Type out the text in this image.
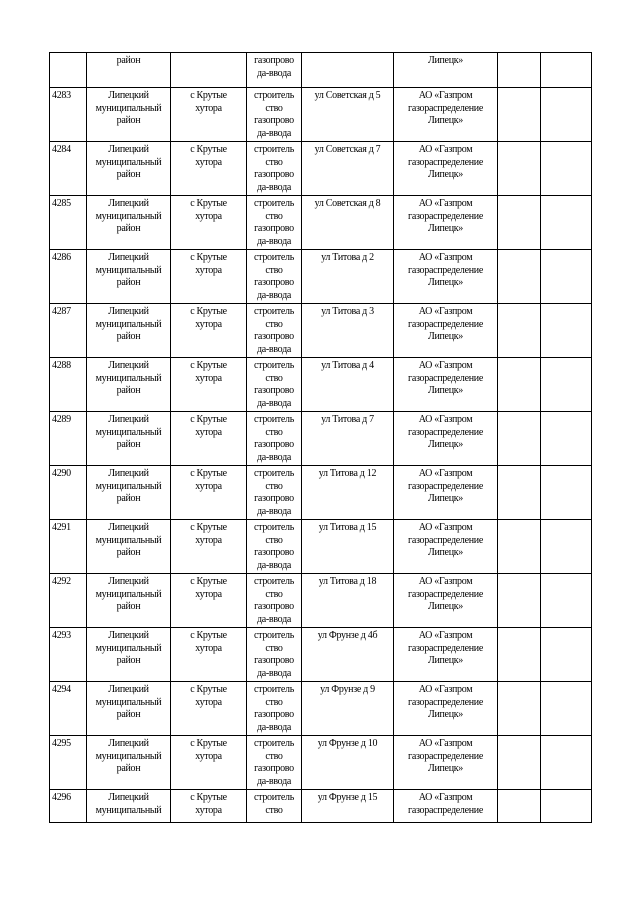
	район		газопрово
да-ввода		Липецк»		
4283	Липецкий
муниципальный
район	с Крутые
хутора	строитель
ство
газопрово
да-ввода	ул Советская д 5	АО «Газпром
газораспределение
Липецк»		
4284	Липецкий
муниципальный
район	с Крутые
хутора	строитель
ство
газопрово
да-ввода	ул Советская д 7	АО «Газпром
газораспределение
Липецк»		
4285	Липецкий
муниципальный
район	с Крутые
хутора	строитель
ство
газопрово
да-ввода	ул Советская д 8	АО «Газпром
газораспределение
Липецк»		
4286	Липецкий
муниципальный
район	с Крутые
хутора	строитель
ство
газопрово
да-ввода	ул Титова д 2	АО «Газпром
газораспределение
Липецк»		
4287	Липецкий
муниципальный
район	с Крутые
хутора	строитель
ство
газопрово
да-ввода	ул Титова д 3	АО «Газпром
газораспределение
Липецк»		
4288	Липецкий
муниципальный
район	с Крутые
хутора	строитель
ство
газопрово
да-ввода	ул Титова д 4	АО «Газпром
газораспределение
Липецк»		
4289	Липецкий
муниципальный
район	с Крутые
хутора	строитель
ство
газопрово
да-ввода	ул Титова д 7	АО «Газпром
газораспределение
Липецк»		
4290	Липецкий
муниципальный
район	с Крутые
хутора	строитель
ство
газопрово
да-ввода	ул Титова д 12	АО «Газпром
газораспределение
Липецк»		
4291	Липецкий
муниципальный
район	с Крутые
хутора	строитель
ство
газопрово
да-ввода	ул Титова д 15	АО «Газпром
газораспределение
Липецк»		
4292	Липецкий
муниципальный
район	с Крутые
хутора	строитель
ство
газопрово
да-ввода	ул Титова д 18	АО «Газпром
газораспределение
Липецк»		
4293	Липецкий
муниципальный
район	с Крутые
хутора	строитель
ство
газопрово
да-ввода	ул Фрунзе д 4б	АО «Газпром
газораспределение
Липецк»		
4294	Липецкий
муниципальный
район	с Крутые
хутора	строитель
ство
газопрово
да-ввода	ул Фрунзе д 9	АО «Газпром
газораспределение
Липецк»		
4295	Липецкий
муниципальный
район	с Крутые
хутора	строитель
ство
газопрово
да-ввода	ул Фрунзе д 10	АО «Газпром
газораспределение
Липецк»		
4296	Липецкий
муниципальный	с Крутые
хутора	строитель
ство	ул Фрунзе д 15	АО «Газпром
газораспределение		
